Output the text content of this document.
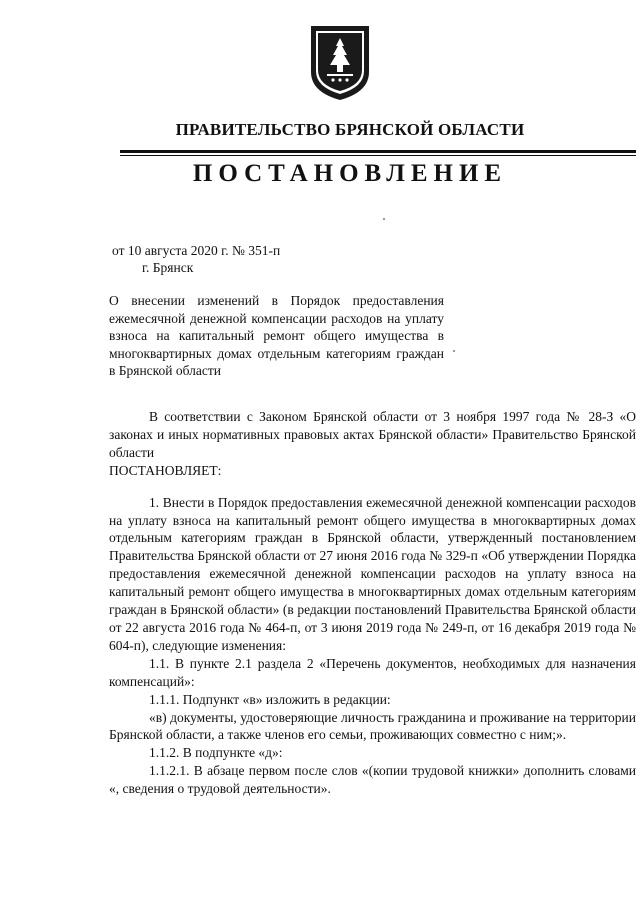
ПРАВИТЕЛЬСТВО БРЯНСКОЙ ОБЛАСТИ
ПОСТАНОВЛЕНИЕ
от 10 августа 2020 г. № 351-п
г. Брянск
О внесении изменений в Порядок предоставления ежемесячной денежной компенсации расходов на уплату взноса на капитальный ремонт общего имущества в многоквартирных домах отдельным категориям граждан в Брянской области

В соответствии с Законом Брянской области от 3 ноября 1997 года № 28-З «О законах и иных нормативных правовых актах Брянской области» Правительство Брянской области

ПОСТАНОВЛЯЕТ:

1. Внести в Порядок предоставления ежемесячной денежной компенсации расходов на уплату взноса на капитальный ремонт общего имущества в многоквартирных домах отдельным категориям граждан в Брянской области, утвержденный постановлением Правительства Брянской области от 27 июня 2016 года № 329-п «Об утверждении Порядка предоставления ежемесячной денежной компенсации расходов на уплату взноса на капитальный ремонт общего имущества в многоквартирных домах отдельным категориям граждан в Брянской области» (в редакции постановлений Правительства Брянской области от 22 августа 2016 года № 464-п, от 3 июня 2019 года № 249-п, от 16 декабря 2019 года № 604-п), следующие изменения:

1.1. В пункте 2.1 раздела 2 «Перечень документов, необходимых для назначения компенсаций»:

1.1.1. Подпункт «в» изложить в редакции:

«в) документы, удостоверяющие личность гражданина и проживание на территории Брянской области, а также членов его семьи, проживающих совместно с ним;».

1.1.2. В подпункте «д»:

1.1.2.1. В абзаце первом после слов «(копии трудовой книжки» дополнить словами «, сведения о трудовой деятельности».
